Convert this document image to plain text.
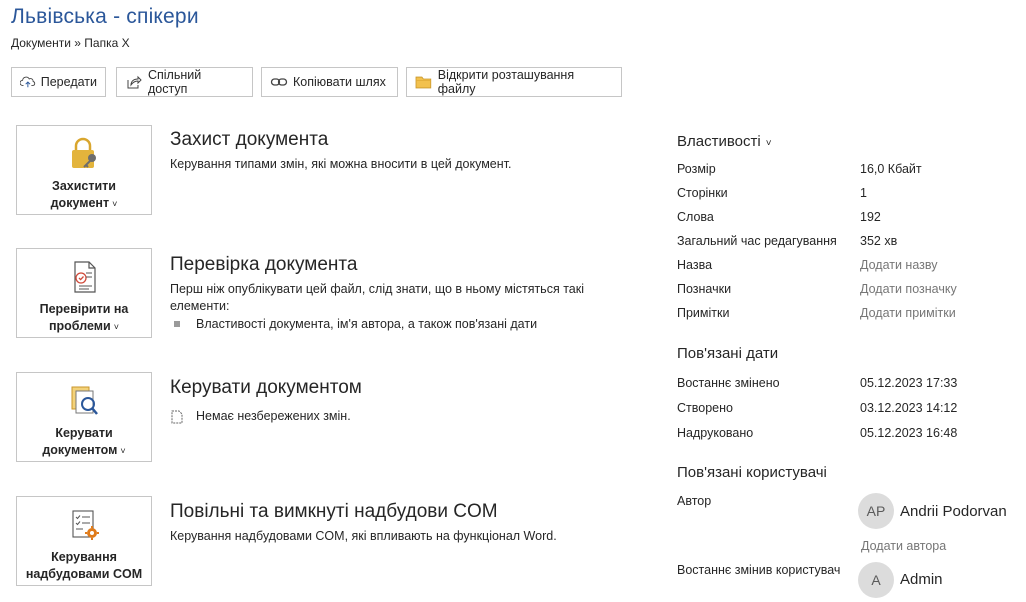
Львівська - спікери
Документи » Папка X
Передати	Спільний доступ	Копіювати шлях	Відкрити розташування файлу
Захистити
документ ˅
Захист документа
Керування типами змін, які можна вносити в цей документ.
Перевірити на
проблеми ˅
Перевірка документа
Перш ніж опублікувати цей файл, слід знати, що в ньому містяться такі
елементи:
Властивості документа, ім'я автора, а також пов'язані дати
Керувати
документом ˅
Керувати документом
Немає незбережених змін.
Керування
надбудовами COM
Повільні та вимкнуті надбудови COM
Керування надбудовами COM, які впливають на функціонал Word.
Властивості ˅
Розмір	16,0 Кбайт
Сторінки	1
Слова	192
Загальний час редагування 352 хв
Назва	Додати назву
Позначки	Додати позначку
Примітки	Додати примітки
Пов'язані дати
Востаннє змінено	05.12.2023 17:33
Створено	03.12.2023 14:12
Надруковано	05.12.2023 16:48
Пов'язані користувачі
Автор
AP Andrii Podorvan
Додати автора
Востаннє змінив користувач
A	Admin
